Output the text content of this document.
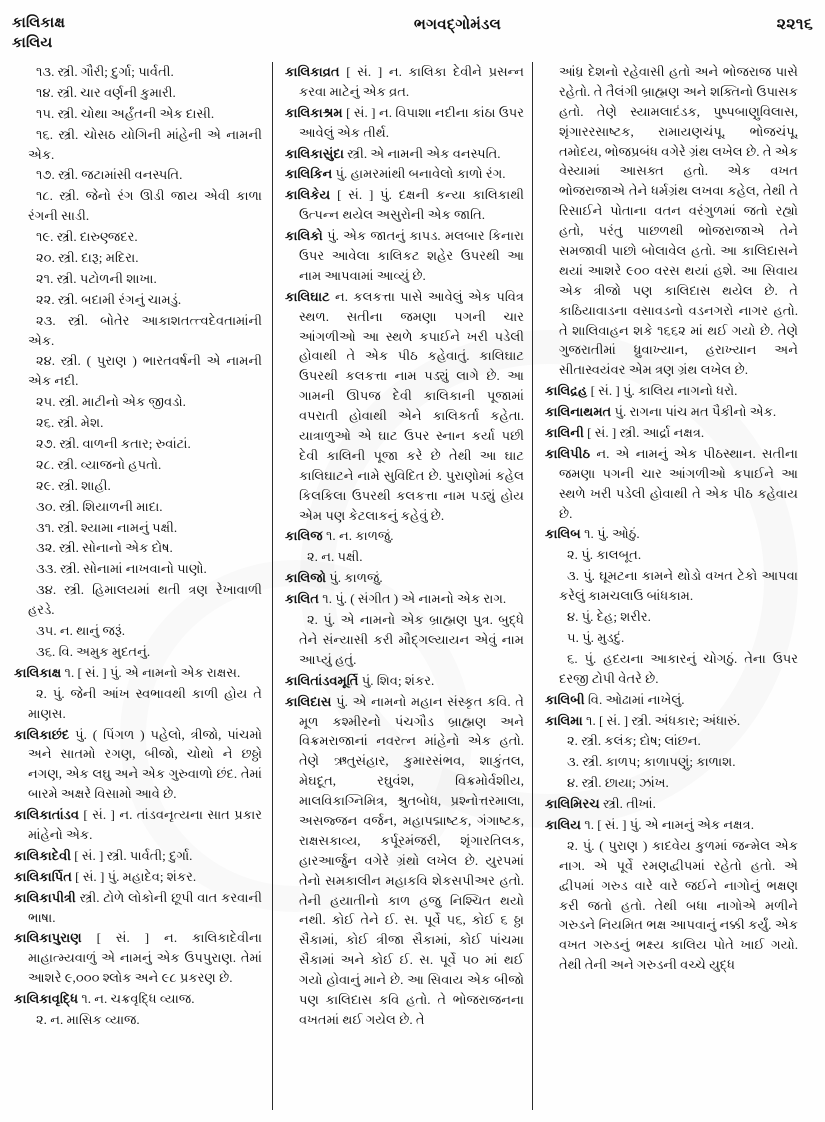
કાલિકાક્ષ
કાલિય
ભગવદ્ગોમંડલ	૨૨૧૬

૧૩. સ્ત્રી. ગૌરી; દુર્ગા; પાર્વતી.

૧૪. સ્ત્રી. ચાર વર્ણની કુમારી.

૧૫. સ્ત્રી. ચોથા અર્હંતની એક દાસી.

૧૬. સ્ત્રી. ચોસઠ યોગિની માંહેની એ નામની એક.

૧૭. સ્ત્રી. જટામાંસી વનસ્પતિ.

૧૮. સ્ત્રી. જેનો રંગ ઊડી જાય એવી કાળા રંગની સાડી.

૧૯. સ્ત્રી. દારુણ્જદર.

૨૦. સ્ત્રી. દારૂ; મદિરા.

૨૧. સ્ત્રી. પટોળની શાખા.

૨૨. સ્ત્રી. બદામી રંગનું ચામડું.

૨૩. સ્ત્રી. બોતેર આકાશતત્ત્વદેવતામાંની એક.

૨૪. સ્ત્રી. ( પુરાણ ) ભારતવર્ષની એ નામની એક નદી.

૨૫. સ્ત્રી. માટીનો એક જીવડો.

૨૬. સ્ત્રી. મેશ.

૨૭. સ્ત્રી. વાળની કતાર; રુવાંટાં.

૨૮. સ્ત્રી. વ્યાજનો હપતો.

૨૯. સ્ત્રી. શાહી.

૩૦. સ્ત્રી. શિયાળની માદા.

૩૧. સ્ત્રી. શ્યામા નામનું પક્ષી.

૩૨. સ્ત્રી. સોનાનો એક દોષ.

૩૩. સ્ત્રી. સોનામાં નાખવાનો પાણો.

૩૪. સ્ત્રી. હિમાલયમાં થતી ત્રણ રેખાવાળી હરડે.

૩૫. ન. થાનું જરૂં.

૩૬. વિ. અમુક મુદતનું.

કાલિકાક્ષ ૧. [ સં. ] પું. એ નામનો એક રાક્ષસ.

૨. પું. જેની આંખ સ્વભાવથી કાળી હોય તે માણસ.

કાલિકાછંદ પું. ( પિંગળ ) પહેલો, ત્રીજો, પાંચમો અને સાતમો રગણ, બીજો, ચોથો ને છઠ્ઠો નગણ, એક લઘુ અને એક ગુરુવાળો છંદ. તેમાં બારમે અક્ષરે વિસામો આવે છે.

કાલિકાતાંડવ [ સં. ] ન. તાંડવનૃત્યના સાત પ્રકાર માંહેનો એક.

કાલિકાદેવી [ સં. ] સ્ત્રી. પાર્વતી; દુર્ગા.

કાલિકાર્પિત [ સં. ] પું. મહાદેવ; શંકર.

કાલિકાપીત્રી સ્ત્રી. ટોળે લોકોની છૂપી વાત કરવાની ભાષા.

કાલિકાપુરાણ [ સં. ] ન. કાલિકાદેવીના માહાત્મ્યવાળું એ નામનું એક ઉપપુરાણ. તેમાં આશરે ૯,૦૦૦ શ્લોક અને ૯૮ પ્રકરણ છે.

કાલિકાવૃદ્ધિ ૧. ન. ચક્રવૃદ્ધિ વ્યાજ.

૨. ન. માસિક વ્યાજ.

કાલિકાવ્રત [ સં. ] ન. કાલિકા દેવીને પ્રસન્ન કરવા માટેનું એક વ્રત.

કાલિકાશ્રમ [ સં. ] ન. વિપાશા નદીના કાંઠા ઉપર આવેલું એક તીર્થ.

કાલિકાસુંદા સ્ત્રી. એ નામની એક વનસ્પતિ.

કાલિકિન પું. હામરમાંથી બનાવેલો કાળો રંગ.

કાલિકેય [ સં. ] પું. દક્ષની કન્યા કાલિકાથી ઉત્પન્ન થયેલ અસુરોની એક જાતિ.

કાલિકો પું. એક જાતનું કાપડ. મલબાર કિનારા ઉપર આવેલા કાલિકટ શહેર ઉપરથી આ નામ આપવામાં આવ્યું છે.

કાલિઘાટ ન. કલકત્તા પાસે આવેલું એક પવિત્ર સ્થળ. સતીના જમણા પગની ચાર આંગળીઓ આ સ્થળે કપાઈને ખરી પડેલી હોવાથી તે એક પીઠ કહેવાતું. કાલિઘાટ ઉપરથી કલકત્તા નામ પડ્યું લાગે છે. આ ગામની ઊપજ દેવી કાલિકાની પૂજામાં વપરાતી હોવાથી એને કાલિકર્તા કહેતા. યાત્રાળુઓ એ ઘાટ ઉપર સ્નાન કર્યા પછી દેવી કાલિની પૂજા કરે છે તેથી આ ઘાટ કાલિઘાટને નામે સુવિદિત છે. પુરાણોમાં કહેલ કિલકિલા ઉપરથી કલકત્તા નામ પડ્યું હોય એમ પણ કેટલાકનું કહેવું છે.

કાલિજ ૧. ન. કાળજું.

૨. ન. પક્ષી.

કાલિજો પું. કાળજું.

કાલિત ૧. પું. ( સંગીત ) એ નામનો એક રાગ.

૨. પું. એ નામનો એક બ્રાહ્મણ પુત્ર. બુદ્ધે તેને સંન્યાસી કરી મૌદ્ગલ્યાયન એવું નામ આપ્યું હતું.

કાલિતાંડવમૂર્તિ પું. શિવ; શંકર.

કાલિદાસ પું. એ નામનો મહાન સંસ્કૃત કવિ. તે મૂળ કશ્મીરનો પંચગૌડ બ્રાહ્મણ અને વિક્રમરાજાનાં નવરત્ન માંહેનો એક હતો. તેણે ઋતુસંહાર, કુમારસંભવ, શાકુંતલ, મેઘદૂત, રઘુવંશ, વિક્રમોર્વશીય, માલવિકાગ્નિમિત્ર, શ્રુતબોધ, પ્રશ્નોત્તરમાલા, અસજ્જન વર્જન, મહાપદ્માષ્ટક, ગંગાષ્ટક, રાક્ષસકાવ્ય, કર્પૂરમંજરી, શૃંગારતિલક, હારઆર્જુન વગેરે ગ્રંથો લખેલ છે. યુરપમાં તેનો સમકાલીન મહાકવિ શેકસપીઅર હતો. તેની હયાતીનો કાળ હજુ નિશ્ચિત થયો નથી. કોઈ તેને ઈ. સ. પૂર્વે ૫૬, કોઈ ૬ ઠ્ઠા સૈકામાં, કોઈ ત્રીજા સૈકામાં, કોઈ પાંચમા સૈકામાં અને કોઈ ઈ. સ. પૂર્વે ૫૦ માં થઈ ગયો હોવાનું માને છે. આ સિવાય એક બીજો પણ કાલિદાસ કવિ હતો. તે ભોજરાજનના વખતમાં થઈ ગયેલ છે. તે

આંધ્ર દેશનો રહેવાસી હતો અને ભોજરાજ પાસે રહેતો. તે તૈલંગી બ્રાહ્મણ અને શક્તિનો ઉપાસક હતો. તેણે સ્યામલાદંડક, પુષ્પબાણુવિલાસ, શૃંગારરસાષ્ટક, રામાયણચંપૂ, ભોજચંપૂ, તમોદય, ભોજપ્રબંધ વગેરે ગ્રંથ લખેલ છે. તે એક વેસ્યામાં આસક્ત હતો. એક વખત ભોજરાજાએ તેને ધર્મગ્રંથ લખવા કહેલ, તેથી તે રિસાઈને પોતાના વતન વરંગુળમાં જતો રહ્યો હતો, પરંતુ પાછળથી ભોજરાજાએ તેને સમજાવી પાછો બોલાવેલ હતો. આ કાલિદાસને થયાં આશરે ૯૦૦ વરસ થયાં હશે. આ સિવાય એક ત્રીજો પણ કાલિદાસ થયેલ છે. તે કાઠિયાવાડના વસાવડનો વડનગરો નાગર હતો. તે શાલિવાહન શકે ૧૬૬૨ માં થઈ ગયો છે. તેણે ગુજરાતીમાં ધ્રુવાખ્યાન, હરાખ્યાન અને સીતાસ્વયંવર એમ ત્રણ ગ્રંથ લખેલ છે.

કાલિદ્રહ [ સં. ] પું. કાલિય નાગનો ધરો.

કાલિનાથમત પું. રાગના પાંચ મત પૈકીનો એક.

કાલિની [ સં. ] સ્ત્રી. આર્દ્રા નક્ષત્ર.

કાલિપીઠ ન. એ નામનું એક પીઠસ્થાન. સતીના જમણા પગની ચાર આંગળીઓ કપાઈને આ સ્થળે ખરી પડેલી હોવાથી તે એક પીઠ કહેવાય છે.

કાલિબ ૧. પું. ઓઠું.

૨. પું. કાલબૂત.

૩. પું. ઘૂમટના કામને થોડો વખત ટેકો આપવા કરેલું કામચલાઉ બાંધકામ.

૪. પું. દેહ; શરીર.

૫. પું. મુડદું.

૬. પું. હદયના આકારનું ચોગઠું. તેના ઉપર દરજી ટોપી વેતરે છે.

કાલિબી વિ. ઓઢામાં નાખેલું.

કાલિમા ૧. [ સં. ] સ્ત્રી. અંધકાર; અંધારું.

૨. સ્ત્રી. કલંક; દોષ; લાંછન.

૩. સ્ત્રી. કાળપ; કાળાપણું; કાળાશ.

૪. સ્ત્રી. છાયા; ઝાંખ.

કાલિમિરચ સ્ત્રી. તીખાં.

કાલિય ૧. [ સં. ] પું. એ નામનું એક નક્ષત્ર.

૨. પું. ( પુરાણ ) કાદવેય કુળમાં જન્મેલ એક નાગ. એ પૂર્વે રમણદ્વીપમાં રહેતો હતો. એ દ્વીપમાં ગરુડ વારે વારે જઈને નાગોનું ભક્ષણ કરી જતો હતો. તેથી બધા નાગોએ મળીને ગરુડને નિયમિત ભક્ષ આપવાનું નક્કી કર્યું. એક વખત ગરુડનું ભક્ષ્ય કાલિય પોતે ખાઈ ગયો. તેથી તેની અને ગરુડની વચ્ચે યુદ્ધ
